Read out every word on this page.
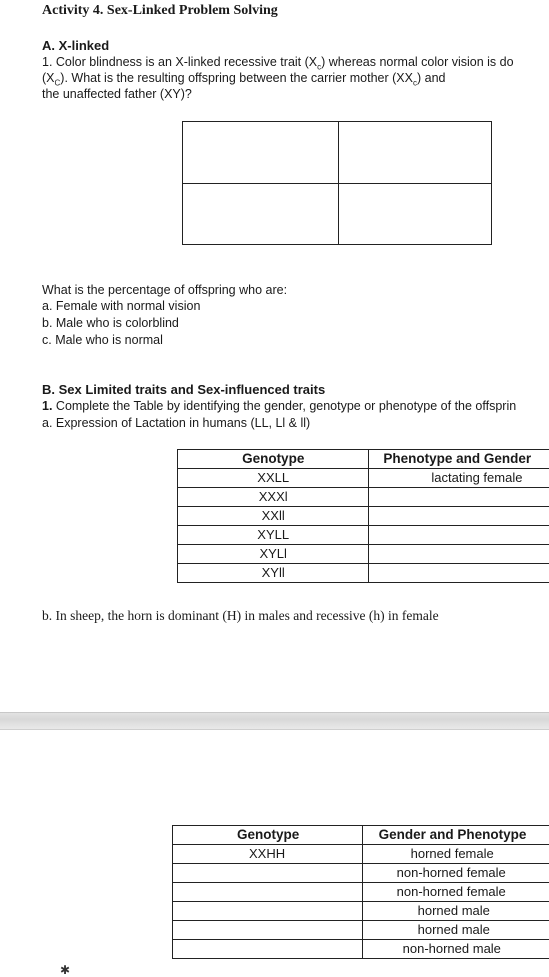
Activity 4. Sex-Linked Problem Solving
A. X-linked
1. Color blindness is an X-linked recessive trait $(X_c)$ whereas normal color vision is do
$(X_C)$. What is the resulting offspring between the carrier mother $(XX_c)$ and
the unaffected father (XY)?
What is the percentage of offspring who are:
a. Female with normal vision
b. Male who is colorblind
c. Male who is normal
B. Sex Limited traits and Sex-influenced traits
1. Complete the Table by identifying the gender, genotype or phenotype of the offsprin
a. Expression of Lactation in humans (LL, Ll & ll)
Genotype	Phenotype and Gender
XXLL	lactating female
XXXl	
XXll	
XYLL	
XYLl	
XYll	
b. In sheep, the horn is dominant (H) in males and recessive (h) in female
Genotype	Gender and Phenotype
XXHH	horned female
	non-horned female
	non-horned female
	horned male
	horned male
	non-horned male
✱
